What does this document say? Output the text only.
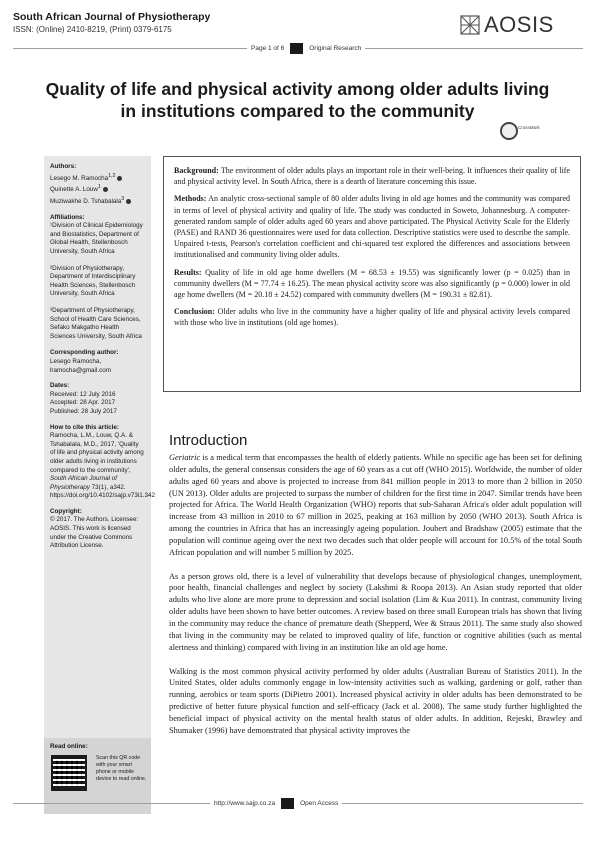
South African Journal of Physiotherapy
ISSN: (Online) 2410-8219, (Print) 0379-6175	AOSIS
Page 1 of 6	Original Research
Quality of life and physical activity among older adults living in institutions compared to the community
CrossMark
Authors:
Lesego M. Ramocha$^{1,2}$
Quinette A. Louw$^1$
Muziwakhe D. Tshabalala$^3$
Affiliations:
¹Division of Clinical Epidemiology and Biostatistics, Department of Global Health, Stellenbosch University, South Africa
²Division of Physiotherapy, Department of Interdisciplinary Health Sciences, Stellenbosch University, South Africa
³Department of Physiotherapy, School of Health Care Sciences, Sefako Makgatho Health Sciences University, South Africa
Corresponding author:
Lesego Ramocha,
lramocha@gmail.com
Dates:
Received: 12 July 2016
Accepted: 28 Apr. 2017
Published: 28 July 2017
How to cite this article:
Ramocha, L.M., Louw, Q.A. & Tshabalala, M.D., 2017, 'Quality of life and physical activity among older adults living in institutions compared to the community', South African Journal of Physiotherapy 73(1), a342. https://doi.org/10.4102/sajp.v73i1.342
Copyright:
© 2017. The Authors. Licensee: AOSIS. This work is licensed under the Creative Commons Attribution License.
Read online:
Scan this QR code with your smart phone or mobile device to read online.

Background: The environment of older adults plays an important role in their well-being. It influences their quality of life and physical activity level. In South Africa, there is a dearth of literature concerning this issue.

Methods: An analytic cross-sectional sample of 80 older adults living in old age homes and the community was compared in terms of level of physical activity and quality of life. The study was conducted in Soweto, Johannesburg. A computer-generated random sample of older adults aged 60 years and above participated. The Physical Activity Scale for the Elderly (PASE) and RAND 36 questionnaires were used for data collection. Descriptive statistics were used to describe the sample. Unpaired t-tests, Pearson's correlation coefficient and chi-squared test explored the differences and associations between institutionalised and community living older adults.

Results: Quality of life in old age home dwellers (M = 68.53 ± 19.55) was significantly lower (p = 0.025) than in community dwellers (M = 77.74 ± 16.25). The mean physical activity score was also significantly (p = 0.000) lower in old age home dwellers (M = 20.18 ± 24.52) compared with community dwellers (M = 190.31 ± 82.81).

Conclusion: Older adults who live in the community have a higher quality of life and physical activity levels compared with those who live in institutions (old age homes).

Introduction

Geriatric is a medical term that encompasses the health of elderly patients. While no specific age has been set for defining older adults, the general consensus considers the age of 60 years as a cut off (WHO 2015). Worldwide, the number of older adults aged 60 years and above is projected to increase from 841 million people in 2013 to more than 2 billion in 2050 (UN 2013). Older adults are projected to surpass the number of children for the first time in 2047. Similar trends have been projected for Africa. The World Health Organization (WHO) reports that sub-Saharan Africa's older adult population will increase from 43 million in 2010 to 67 million in 2025, peaking at 163 million by 2050 (WHO 2013). South Africa is among the countries in Africa that has an increasingly ageing population. Joubert and Bradshaw (2005) estimate that the population will continue ageing over the next two decades such that older people will account for 10.5% of the total South African population and will number 5 million by 2025.

As a person grows old, there is a level of vulnerability that develops because of physiological changes, unemployment, poor health, financial challenges and neglect by society (Lakshmi & Roopa 2013). An Asian study reported that older adults who live alone are more prone to depression and social isolation (Lim & Kua 2011). In contrast, community living older adults have been shown to have better outcomes. A review based on three small European trials has shown that living in the community may reduce the chance of premature death (Shepperd, Wee & Straus 2011). The same study also showed that living in the community may be related to improved quality of life, function or cognitive abilities (such as mental alertness and thinking) compared with living in an institution like an old age home.

Walking is the most common physical activity performed by older adults (Australian Bureau of Statistics 2011). In the United States, older adults commonly engage in low-intensity activities such as walking, gardening or golf, rather than running, aerobics or team sports (DiPietro 2001). Increased physical activity in older adults has been demonstrated to be predictive of better future physical function and self-efficacy (Jack et al. 2008). The same study further highlighted the beneficial impact of physical activity on the mental health status of older adults. In addition, Rejeski, Brawley and Shumaker (1996) have demonstrated that physical activity improves the

http://www.sajp.co.za	Open Access
